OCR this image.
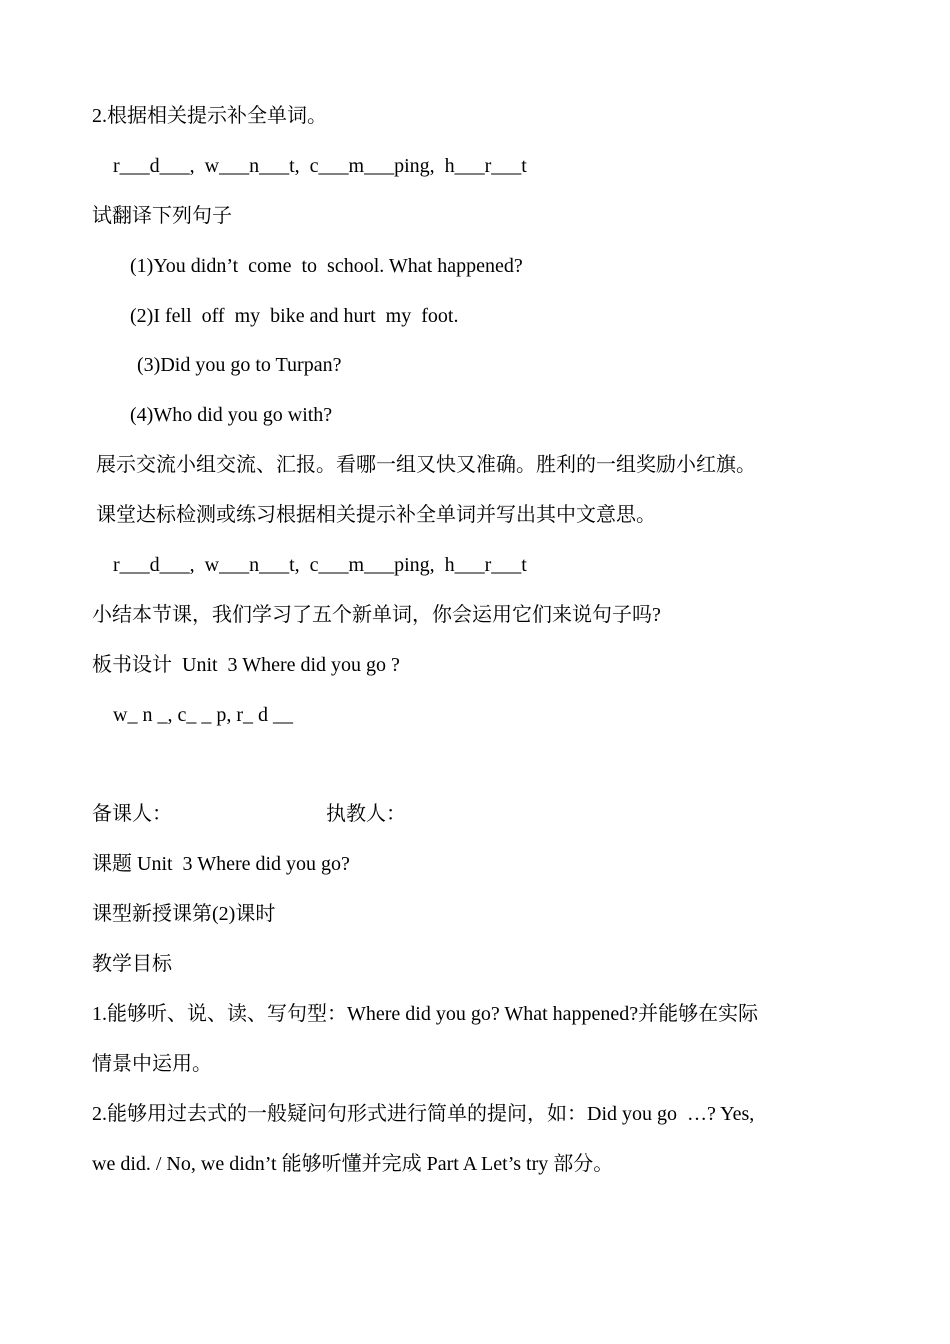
2.根据相关提示补全单词。
r___d___,  w___n___t,  c___m___ping,  h___r___t
试翻译下列句子
(1)You didn’t  come  to  school. What happened?
(2)I fell  off  my  bike and hurt  my  foot.
(3)Did you go to Turpan?
(4)Who did you go with?
展示交流小组交流、汇报。看哪一组又快又准确。胜利的一组奖励小红旗。
课堂达标检测或练习根据相关提示补全单词并写出其中文意思。
r___d___,  w___n___t,  c___m___ping,  h___r___t
小结本节课，我们学习了五个新单词，你会运用它们来说句子吗?
板书设计  Unit  3 Where did you go ?
w_ n _, c_ _ p, r_ d __
备课人：	执教人：
课题 Unit  3 Where did you go?
课型新授课第(2)课时
教学目标
1.能够听、说、读、写句型：Where did you go? What happened?并能够在实际
情景中运用。
2.能够用过去式的一般疑问句形式进行简单的提问，如：Did you go  …? Yes,
we did. / No, we didn’t 能够听懂并完成 Part A Let’s try 部分。
